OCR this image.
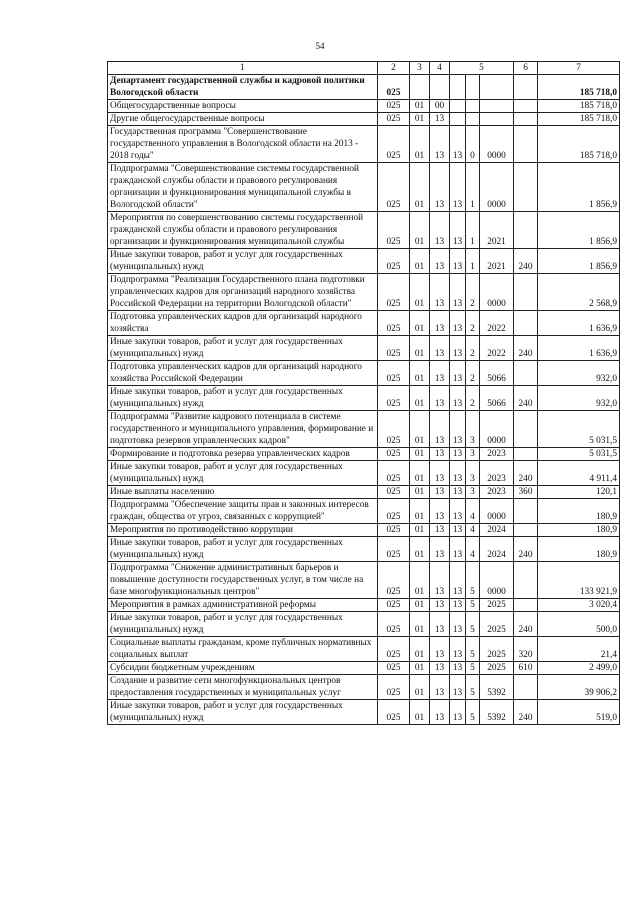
54
1	2	3	4	5			6	7
Департамент государственной службы и кадровой политики Вологодской области	025							185 718,0
Общегосударственные вопросы	025	01	00					185 718,0
Другие общегосударственные вопросы	025	01	13					185 718,0
Государственная программа "Совершенствование государственного управления в Вологодской области на 2013 - 2018 годы"	025	01	13	13	0	0000		185 718,0
Подпрограмма "Совершенствование системы государственной гражданской службы области и правового регулирования организации и функционирования муниципальной службы в Вологодской области"	025	01	13	13	1	0000		1 856,9
Мероприятия по совершенствованию системы государственной гражданской службы области и правового регулирования организации и функционирования муниципальной службы	025	01	13	13	1	2021		1 856,9
Иные закупки товаров, работ и услуг для государственных (муниципальных) нужд	025	01	13	13	1	2021	240	1 856,9
Подпрограмма "Реализация Государственного плана подготовки управленческих кадров для организаций народного хозяйства Российской Федерации на территории Вологодской области"	025	01	13	13	2	0000		2 568,9
Подготовка управленческих кадров для организаций народного хозяйства	025	01	13	13	2	2022		1 636,9
Иные закупки товаров, работ и услуг для государственных (муниципальных) нужд	025	01	13	13	2	2022	240	1 636,9
Подготовка управленческих кадров для организаций народного хозяйства Российской Федерации	025	01	13	13	2	5066		932,0
Иные закупки товаров, работ и услуг для государственных (муниципальных) нужд	025	01	13	13	2	5066	240	932,0
Подпрограмма "Развитие кадрового потенциала в системе государственного и муниципального управления, формирование и подготовка резервов управленческих кадров"	025	01	13	13	3	0000		5 031,5
Формирование и подготовка резерва управленческих кадров	025	01	13	13	3	2023		5 031,5
Иные закупки товаров, работ и услуг для государственных (муниципальных) нужд	025	01	13	13	3	2023	240	4 911,4
Иные выплаты населению	025	01	13	13	3	2023	360	120,1
Подпрограмма "Обеспечение защиты прав и законных интересов граждан, общества от угроз, связанных с коррупцией"	025	01	13	13	4	0000		180,9
Мероприятия по противодействию коррупции	025	01	13	13	4	2024		180,9
Иные закупки товаров, работ и услуг для государственных (муниципальных) нужд	025	01	13	13	4	2024	240	180,9
Подпрограмма "Снижение административных барьеров и повышение доступности государственных услуг, в том числе на базе многофункциональных центров"	025	01	13	13	5	0000		133 921,9
Мероприятия в рамках административной реформы	025	01	13	13	5	2025		3 020,4
Иные закупки товаров, работ и услуг для государственных (муниципальных) нужд	025	01	13	13	5	2025	240	500,0
Социальные выплаты гражданам, кроме публичных нормативных социальных выплат	025	01	13	13	5	2025	320	21,4
Субсидии бюджетным учреждениям	025	01	13	13	5	2025	610	2 499,0
Создание и развитие сети многофункциональных центров предоставления государственных и муниципальных услуг	025	01	13	13	5	5392		39 906,2
Иные закупки товаров, работ и услуг для государственных (муниципальных) нужд	025	01	13	13	5	5392	240	519,0
